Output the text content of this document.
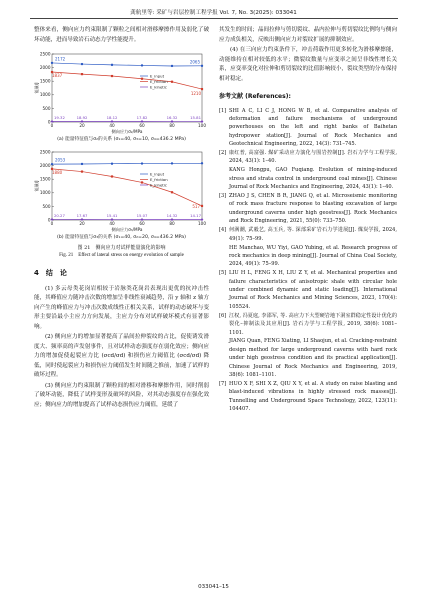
龚航里等: 采矿与岩层控制工程学报 Vol. 7, No. 3(2025): 033041

整体来看，侧向应力约束限制了颗粒之间相对滑移摩擦作用及弱化了破坏动能，进而导致岩石动态力学性能提升。

0
500
1000
1500
2000
2500
0	20	40	60	80	100
侧向应力σ₂/MPa
能量/J
E_input
E_friction
E_kinetic
2172
2065
1837
1210
19.32	18.92	18.12	17.82	16.32	15.81

(a) 能量特征值与σ₂的关系 (σ₁=40, σ₃=10, σ₄=436.2 MPa)

0
500
1000
1500
2000
2500
0	20	40	60	80	100
侧向应力σ₃/MPa
能量/J
E_input
E_friction
E_kinetic
2053
1880
517
20.27	17.67	15.41	15.07	14.32	14.17

(b) 能量特征值与σ₃的关系 (σ₁=40, σ₂=20, σ₄=436.2 MPa)

图 21　侧向应力对试样能量演化的影响
Fig. 21　Effect of lateral stress on energy evolution of sample
4　结　论

(1) 多云母类花岗岩相较于岩脉类花岗岩表现出更优的抗冲击性能，其峰值应力随冲击次数的增加呈非线性衰减趋势，沿 y 轴和 z 轴方向产生的峰值应力与冲击次数成线性正相关关系，试样的动态破坏与变形主要沿最小主应力方向发展，主应力分布对试样破坏模式有显著影响。

(2) 侧向应力的增加显著提高了晶间拉伸裂纹的占比，促使诱发滑度大、频率高的声发射事件，且对试样动态强度存在弱化效应；侧向应力的增加促使起裂应力比 (σcd/σd) 和损伤应力阈值比 (σcd/σd) 降低，同时使起裂应力和损伤应力阈值发生时间随之推前，加速了试样的破坏过程。

(3) 侧向应力约束限制了颗粒间的相对滑移和摩擦作用，同时削弱了破坏动能，降低了试样变形及破坏的风险，对其动态强度存在强化效应；侧向应力的增加提高了试样动态损伤应力阈值，延缓了

其发生的时间；晶间拉伸与剪切裂纹、晶内拉伸与剪切裂纹比例均与侧向应力成负相关，反映出侧向应力对裂纹扩展的抑制效应。

(4) 在三向应力约束条件下，冲击荷载作用更多转化为滑移摩擦能，动能维持在相对较低的水平；微裂纹数量与应变率之间呈非线性增长关系，应变率变化对拉伸和剪切裂纹的比值影响较小，裂纹类型的分布保持相对稳定。

参考文献 (References):
[1] SHI A C, LI C J, HONG W B, et al. Comparative analysis of deformation and failure mechanisms of underground powerhouses on the left and right banks of Baihetan hydropower station[J]. Journal of Rock Mechanics and Geotechnical Engineering, 2022, 14(3): 731–745.
[2] 康红普, 高富强. 煤矿采动应力演化与围岩控制[J]. 岩石力学与工程学报, 2024, 43(1): 1–40.
KANG Hongpu, GAO Fuqiang. Evolution of mining-induced stress and strata control in underground coal mines[J]. Chinese Journal of Rock Mechanics and Engineering, 2024, 43(1): 1–40.
[3] ZHAO J S, CHEN B R, JIANG Q, et al. Microseismic monitoring of rock mass fracture response to blasting excavation of large underground caverns under high geostress[J]. Rock Mechanics and Rock Engineering, 2021, 55(0): 733–750.
[4] 何满潮, 武毅艺, 高玉兵, 等. 深部采矿岩石力学进展[J]. 煤炭学报, 2024, 49(1): 75–99.
HE Manchao, WU Yiyi, GAO Yubing, et al. Research progress of rock mechanics in deep mining[J]. Journal of China Coal Society, 2024, 49(1): 75–99.
[5] LIU H L, FENG X H, LIU Z Y, et al. Mechanical properties and failure characteristics of anisotropic shale with circular hole under combined dynamic and static loading[J]. International Journal of Rock Mechanics and Mining Sciences, 2023, 170(4): 105524.
[6] 江权, 冯夏庭, 李邵军, 等. 高应力下大型硬岩地下洞室群稳定性设计优化的裂化–抑制法及其应用[J]. 岩石力学与工程学报, 2019, 38(6): 1081–1101.
JIANG Quan, FENG Xiating, LI Shaojun, et al. Cracking-restraint design method for large underground caverns with hard rock under high geostress condition and its practical application[J]. Chinese Journal of Rock Mechanics and Engineering, 2019, 38(6): 1081–1101.
[7] HUO X F, SHI X Z, QIU X Y, et al. A study on raise blasting and blast-induced vibrations in highly stressed rock masses[J]. Tunnelling and Underground Space Technology, 2022, 123(11): 104407.
033041–15
